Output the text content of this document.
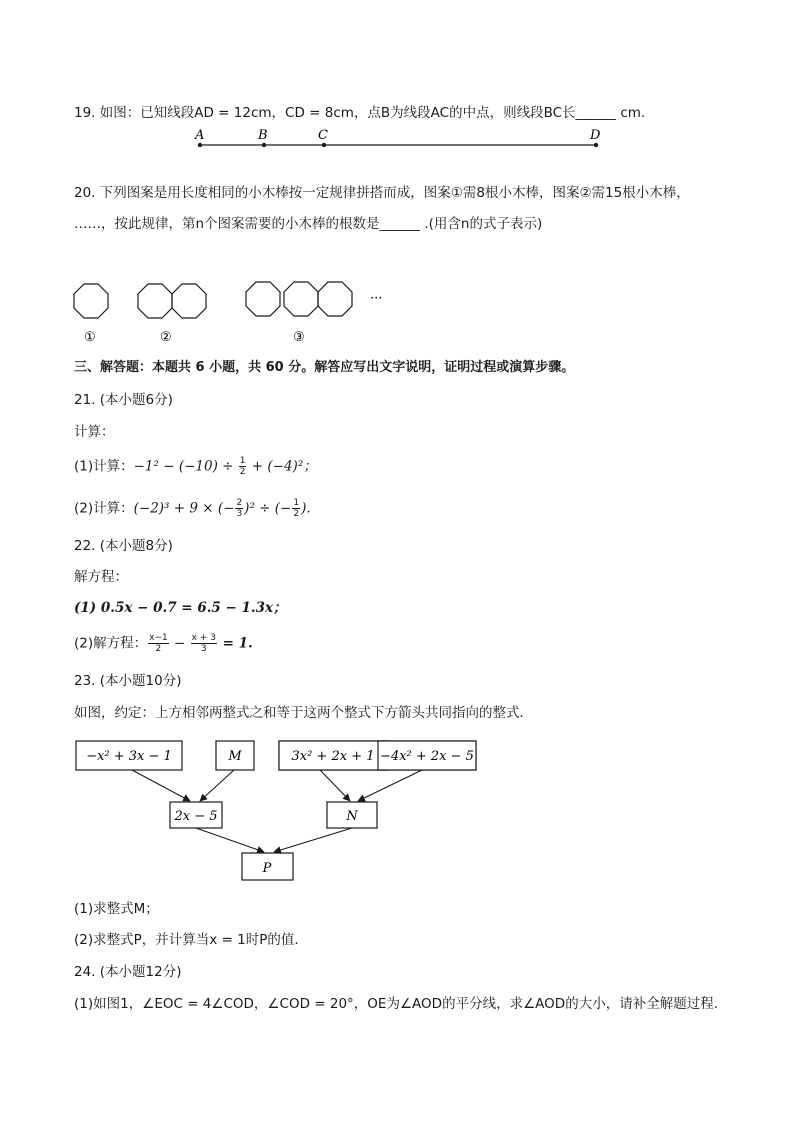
19. 如图：已知线段AD = 12cm，CD = 8cm，点B为线段AC的中点，则线段BC长______ cm.
A	B	C	D
20. 下列图案是用长度相同的小木棒按一定规律拼搭而成，图案①需8根小木棒，图案②需15根小木棒，
……，按此规律，第n个图案需要的小木棒的根数是______ .(用含n的式子表示)
···
①	②	③
三、解答题：本题共 6 小题，共 60 分。解答应写出文字说明，证明过程或演算步骤。
21. (本小题6分)
计算：
(1)计算：$-1^2 - (-10) \div \frac{1}{2} + (-4)^2$；
(2)计算：(−2)³ + 9 × (− $\frac{2}{3} )^2$ ÷ (− $\frac{1}{2}$ ).
22. (本小题8分)
解方程：
(1) 0.5x − 0.7 = 6.5 − 1.3x；
(2)解方程： $\frac{x-1}{2} - \frac{x + 3}{3} = 1$.
23. (本小题10分)
如图，约定：上方相邻两整式之和等于这两个整式下方箭头共同指向的整式．
−x² + 3x − 1	M	3x² + 2x + 1 −4x² + 2x − 5
2x − 5	N
P
(1)求整式M；
(2)求整式P，并计算当x = 1时P的值．
24. (本小题12分)
(1)如图1，∠EOC = 4∠COD，∠COD = 20°，OE为∠AOD的平分线，求∠AOD的大小，请补全解题过程．
